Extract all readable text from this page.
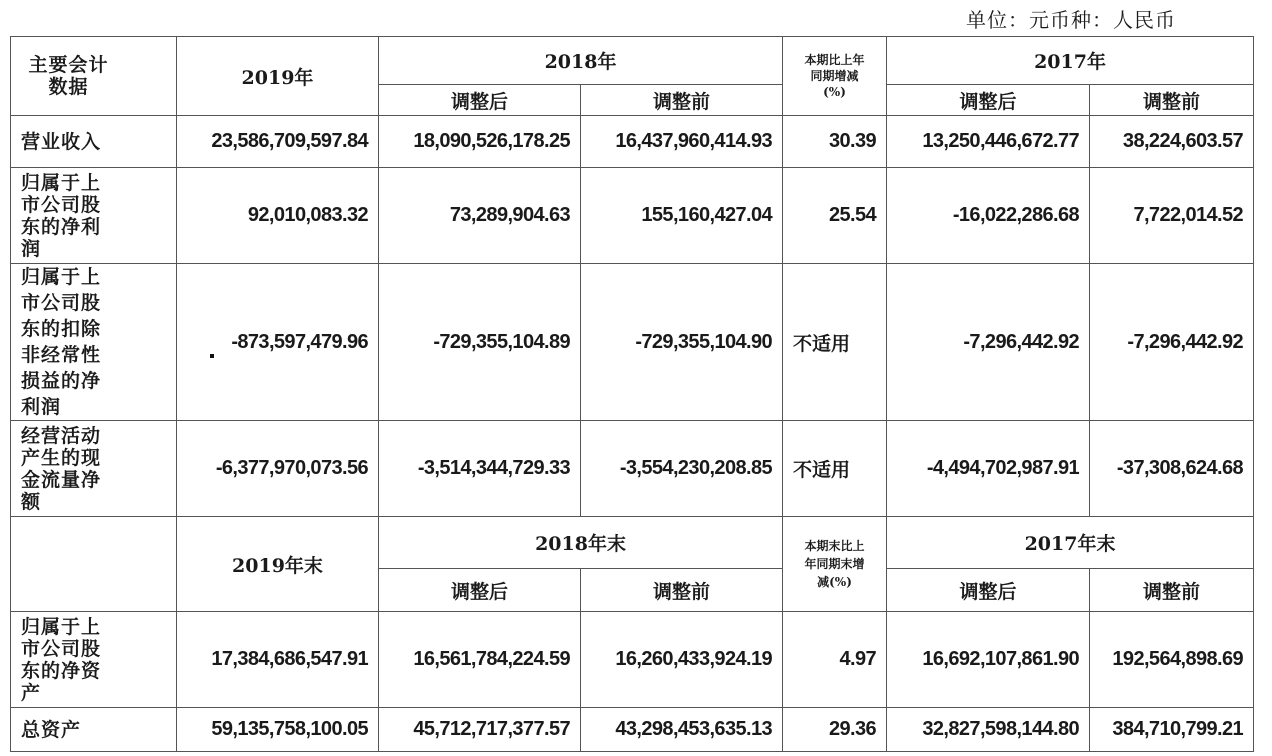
单位：元币种：人民币
主要会计数据	2019年	2018年		本期比上年同期增减(%)	2017年	
		调整后	调整前		调整后	调整前

营业收入	23,586,709,597.84	18,090,526,178.25	16,437,960,414.93	30.39	13,250,446,672.77	38,224,603.57

归属于上市公司股东的净利润	92,010,083.32	73,289,904.63	155,160,427.04	25.54	-16,022,286.68	7,722,014.52

归属于上市公司股东的扣除非经常性损益的净利润	-873,597,479.96	-729,355,104.89	-729,355,104.90	不适用	-7,296,442.92	-7,296,442.92

经营活动产生的现金流量净额	-6,377,970,073.56	-3,514,344,729.33	-3,554,230,208.85	不适用	-4,494,702,987.91	-37,308,624.68
	2019年末	2018年末		本期末比上年同期末增减(%)	2017年末	
		调整后	调整前		调整后	调整前

归属于上市公司股东的净资产	17,384,686,547.91	16,561,784,224.59	16,260,433,924.19	4.97	16,692,107,861.90	192,564,898.69

总资产	59,135,758,100.05	45,712,717,377.57	43,298,453,635.13	29.36	32,827,598,144.80	384,710,799.21
